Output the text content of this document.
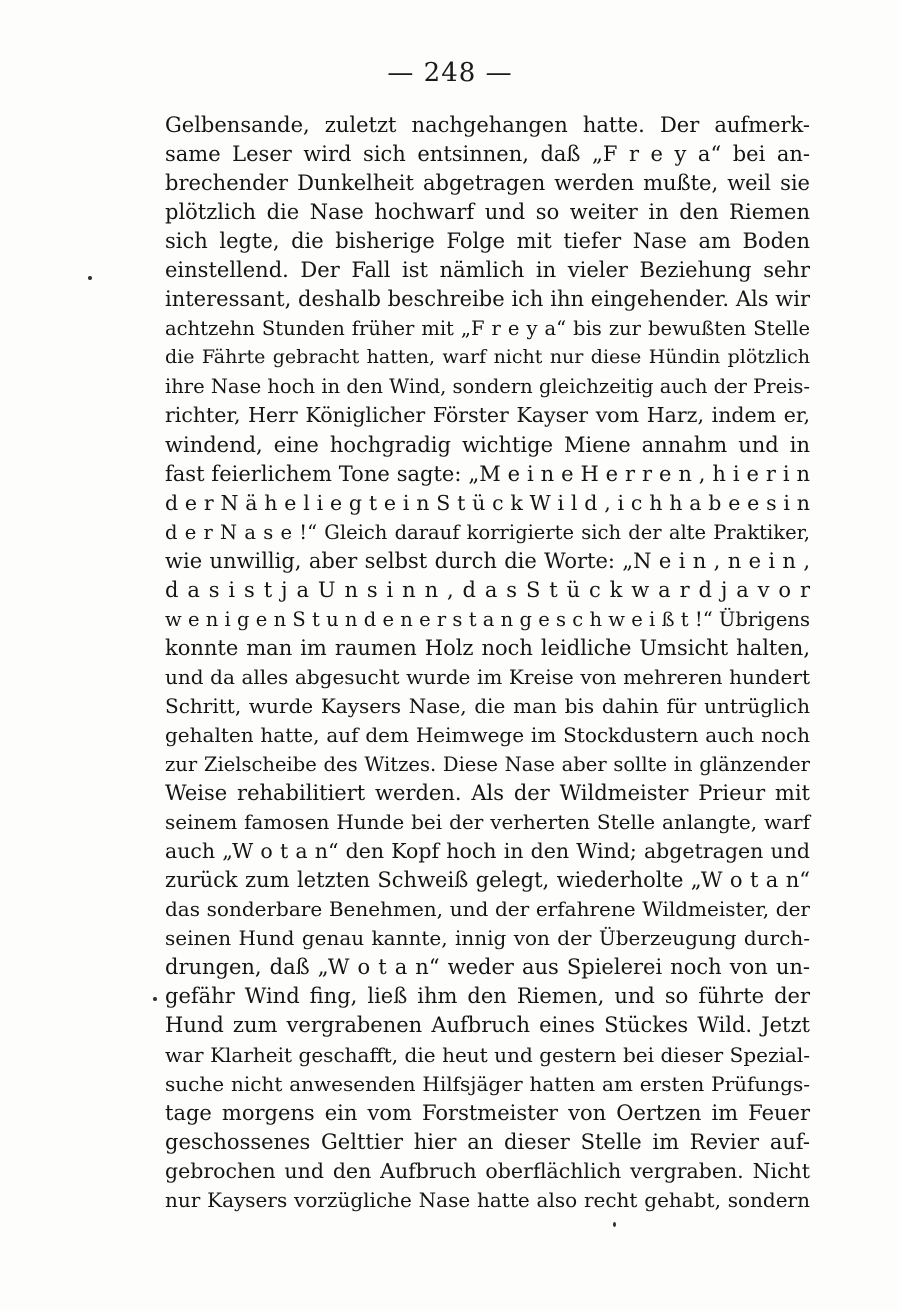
— 248 —
Gelbensande, zuletzt nachgehangen hatte. Der aufmerk-
same Leser wird sich entsinnen, daß „F r e y a“ bei an-
brechender Dunkelheit abgetragen werden mußte, weil sie
plötzlich die Nase hochwarf und so weiter in den Riemen
sich legte, die bisherige Folge mit tiefer Nase am Boden
einstellend. Der Fall ist nämlich in vieler Beziehung sehr
interessant, deshalb beschreibe ich ihn eingehender. Als wir
achtzehn Stunden früher mit „F r e y a“ bis zur bewußten Stelle
die Fährte gebracht hatten, warf nicht nur diese Hündin plötzlich
ihre Nase hoch in den Wind, sondern gleichzeitig auch der Preis-
richter, Herr Königlicher Förster Kayser vom Harz, indem er,
windend, eine hochgradig wichtige Miene annahm und in
fast feierlichem Tone sagte: „M e i n e H e r r e n , h i e r i n
d e r N ä h e l i e g t e i n S t ü c k W i l d , i c h h a b e e s i n
d e r N a s e !“ Gleich darauf korrigierte sich der alte Praktiker,
wie unwillig, aber selbst durch die Worte: „N e i n , n e i n ,
d a s i s t j a U n s i n n , d a s S t ü c k w a r d j a v o r
w e n i g e n S t u n d e n e r s t a n g e s c h w e i ß t !“ Übrigens
konnte man im raumen Holz noch leidliche Umsicht halten,
und da alles abgesucht wurde im Kreise von mehreren hundert
Schritt, wurde Kaysers Nase, die man bis dahin für untrüglich
gehalten hatte, auf dem Heimwege im Stockdustern auch noch
zur Zielscheibe des Witzes. Diese Nase aber sollte in glänzender
Weise rehabilitiert werden. Als der Wildmeister Prieur mit
seinem famosen Hunde bei der verherten Stelle anlangte, warf
auch „W o t a n“ den Kopf hoch in den Wind; abgetragen und
zurück zum letzten Schweiß gelegt, wiederholte „W o t a n“
das sonderbare Benehmen, und der erfahrene Wildmeister, der
seinen Hund genau kannte, innig von der Überzeugung durch-
drungen, daß „W o t a n“ weder aus Spielerei noch von un-
gefähr Wind fing, ließ ihm den Riemen, und so führte der
Hund zum vergrabenen Aufbruch eines Stückes Wild. Jetzt
war Klarheit geschafft, die heut und gestern bei dieser Spezial-
suche nicht anwesenden Hilfsjäger hatten am ersten Prüfungs-
tage morgens ein vom Forstmeister von Oertzen im Feuer
geschossenes Gelttier hier an dieser Stelle im Revier auf-
gebrochen und den Aufbruch oberflächlich vergraben. Nicht
nur Kaysers vorzügliche Nase hatte also recht gehabt, sondern
